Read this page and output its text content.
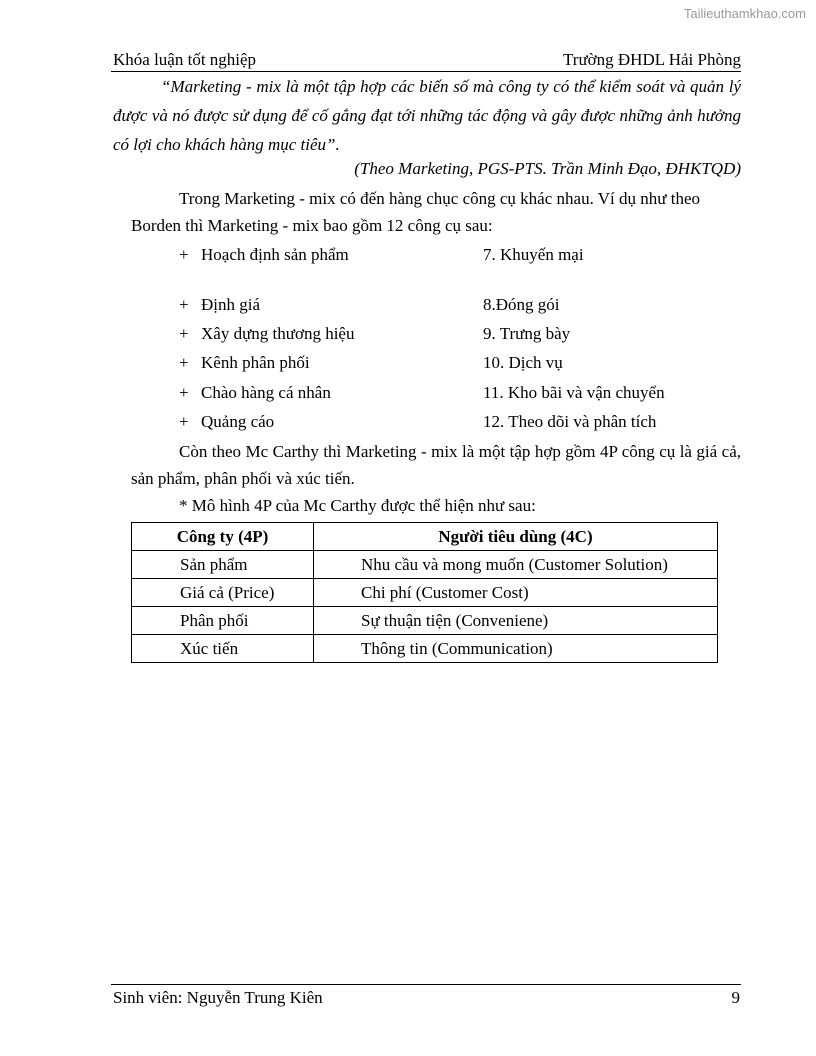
Tailieuthamkhao.com
Khóa luận tốt nghiệp	Trường ĐHDL Hải Phòng
“Marketing - mix là một tập hợp các biến số mà công ty có thể kiểm soát và quản lý được và nó được sử dụng để cố gắng đạt tới những tác động và gây được những ảnh hưởng có lợi cho khách hàng mục tiêu”.
(Theo Marketing, PGS-PTS. Trần Minh Đạo, ĐHKTQD)
Trong Marketing - mix có đến hàng chục công cụ khác nhau. Ví dụ như theo Borden thì Marketing - mix bao gồm 12 công cụ sau:
+ Hoạch định sản phẩm	7. Khuyến mại
+ Định giá	8.Đóng gói
+ Xây dựng thương hiệu	9. Trưng bày
+ Kênh phân phối	10. Dịch vụ
+ Chào hàng cá nhân	11. Kho bãi và vận chuyển
+ Quảng cáo	12. Theo dõi và phân tích
Còn theo Mc Carthy thì Marketing - mix là một tập hợp gồm 4P công cụ là giá cả, sản phẩm, phân phối và xúc tiến.
* Mô hình 4P của Mc Carthy được thể hiện như sau:
Công ty (4P)	Người tiêu dùng (4C)
Sản phẩm	Nhu cầu và mong muốn (Customer Solution)
Giá cả (Price)	Chi phí (Customer Cost)
Phân phối	Sự thuận tiện (Conveniene)
Xúc tiến	Thông tin (Communication)
Sinh viên: Nguyễn Trung Kiên	9
